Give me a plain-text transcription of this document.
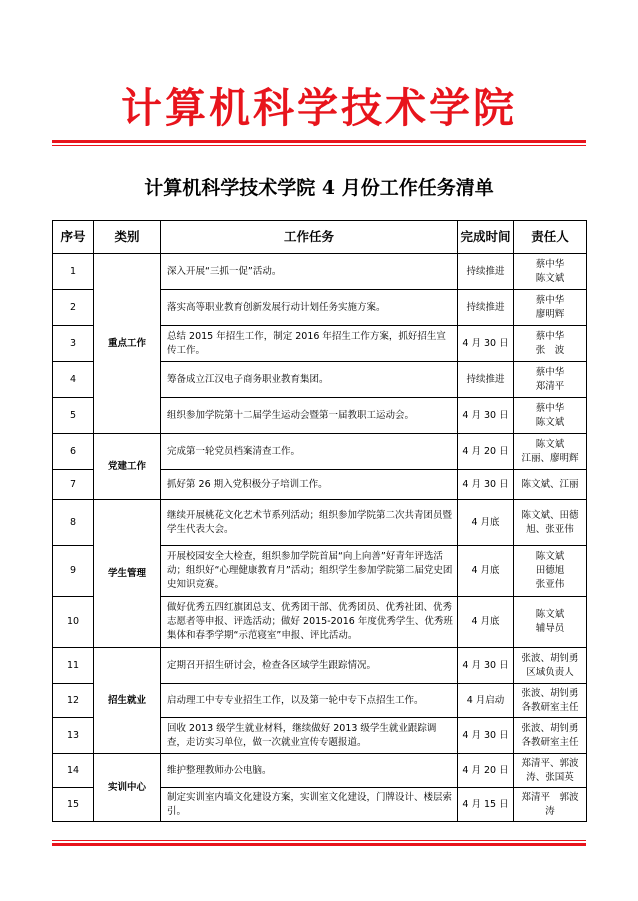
计算机科学技术学院
计算机科学技术学院 4 月份工作任务清单
序号	类别	工作任务	完成时间	责任人
1	重点工作	深入开展“三抓一促”活动。	持续推进	蔡中华
陈文斌

2		落实高等职业教育创新发展行动计划任务实施方案。	持续推进	蔡中华
廖明辉

3		总结 2015 年招生工作，制定 2016 年招生工作方案，抓好招生宣传工作。	4 月 30 日	蔡中华
张　波

4		筹备成立江汉电子商务职业教育集团。	持续推进	蔡中华
郑清平

5		组织参加学院第十二届学生运动会暨第一届教职工运动会。	4 月 30 日	蔡中华
陈文斌

6	党建工作	完成第一轮党员档案清查工作。	4 月 20 日	陈文斌
江丽、廖明辉

7		抓好第 26 期入党积极分子培训工作。	4 月 30 日	陈文斌、江丽

8	学生管理	继续开展桃花文化艺术节系列活动；组织参加学院第二次共青团员暨学生代表大会。	4 月底	陈文斌、田德
旭、张亚伟

9		开展校园安全大检查，组织参加学院首届“向上向善”好青年评选活动；组织好“心理健康教育月”活动；组织学生参加学院第二届党史团史知识竞赛。	4 月底	陈文斌
田德旭
张亚伟

10		做好优秀五四红旗团总支、优秀团干部、优秀团员、优秀社团、优秀志愿者等申报、评选活动；做好 2015-2016 年度优秀学生、优秀班集体和春季学期“示范寝室”申报、评比活动。	4 月底	陈文斌
辅导员

11	招生就业	定期召开招生研讨会，检查各区域学生跟踪情况。	4 月 30 日	张波、胡钊勇
区域负责人

12		启动理工中专专业招生工作，以及第一轮中专下点招生工作。	4 月启动	张波、胡钊勇
各教研室主任

13		回收 2013 级学生就业材料，继续做好 2013 级学生就业跟踪调查，走访实习单位，做一次就业宣传专题报道。	4 月 30 日	张波、胡钊勇
各教研室主任

14	实训中心	维护整理教师办公电脑。	4 月 20 日	郑清平、郭波
涛、张国英

15		制定实训室内墙文化建设方案，实训室文化建设，门牌设计、楼层索引。	4 月 15 日	郑清平　郭波
涛
